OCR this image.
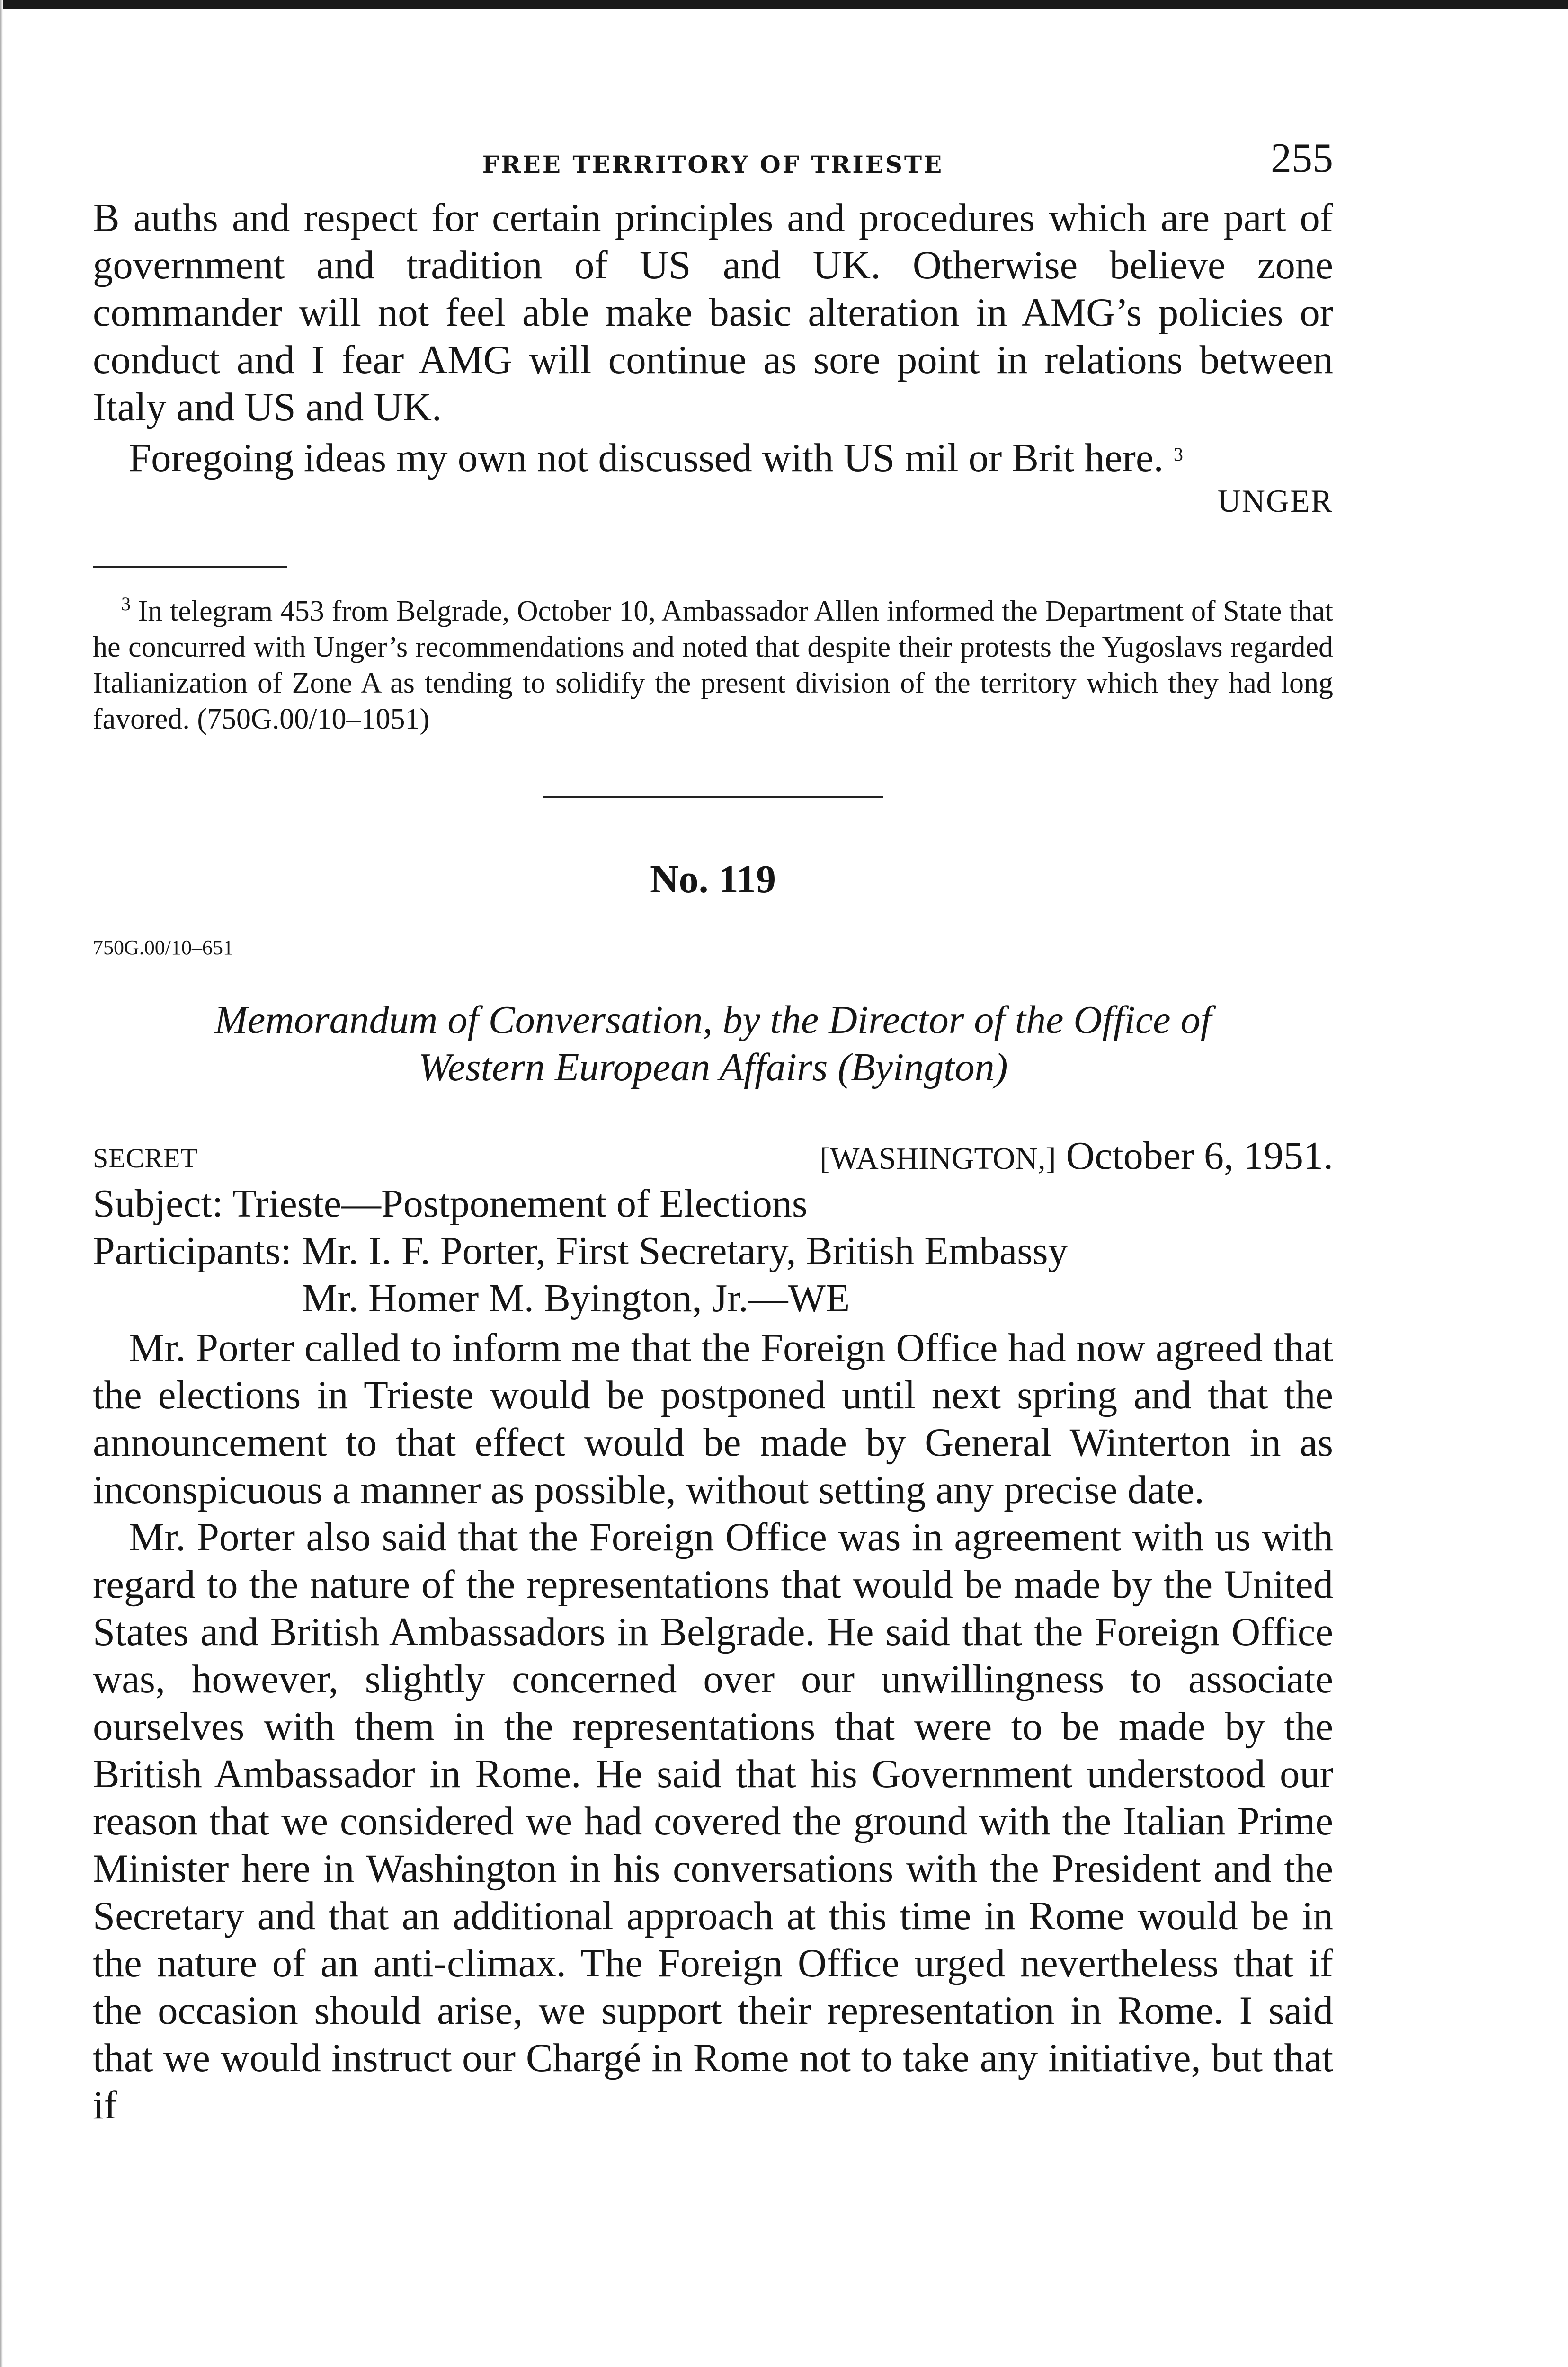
FREE TERRITORY OF TRIESTE	255

B auths and respect for certain principles and procedures which are part of government and tradition of US and UK. Otherwise believe zone commander will not feel able make basic alteration in AMG’s policies or conduct and I fear AMG will continue as sore point in relations between Italy and US and UK.

Foregoing ideas my own not discussed with US mil or Brit here. $^3$

UNGER

$^3$ In telegram 453 from Belgrade, October 10, Ambassador Allen informed the Department of State that he concurred with Unger’s recommendations and noted that despite their protests the Yugoslavs regarded Italianization of Zone A as tending to solidify the present division of the territory which they had long favored. (750G.00/10–1051)

No. 119
750G.00/10–651
Memorandum of Conversation, by the Director of the Office of
Western European Affairs (Byington)
SECRET	[WASHINGTON,] October 6, 1951.
Subject: Trieste—Postponement of Elections
Participants: Mr. I. F. Porter, First Secretary, British Embassy
Mr. Homer M. Byington, Jr.—WE

Mr. Porter called to inform me that the Foreign Office had now agreed that the elections in Trieste would be postponed until next spring and that the announcement to that effect would be made by General Winterton in as inconspicuous a manner as possible, without setting any precise date.

Mr. Porter also said that the Foreign Office was in agreement with us with regard to the nature of the representations that would be made by the United States and British Ambassadors in Belgrade. He said that the Foreign Office was, however, slightly concerned over our unwillingness to associate ourselves with them in the representations that were to be made by the British Ambassador in Rome. He said that his Government understood our reason that we considered we had covered the ground with the Italian Prime Minister here in Washington in his conversations with the President and the Secretary and that an additional approach at this time in Rome would be in the nature of an anti-climax. The Foreign Office urged nevertheless that if the occasion should arise, we support their representation in Rome. I said that we would instruct our Chargé in Rome not to take any initiative, but that if
